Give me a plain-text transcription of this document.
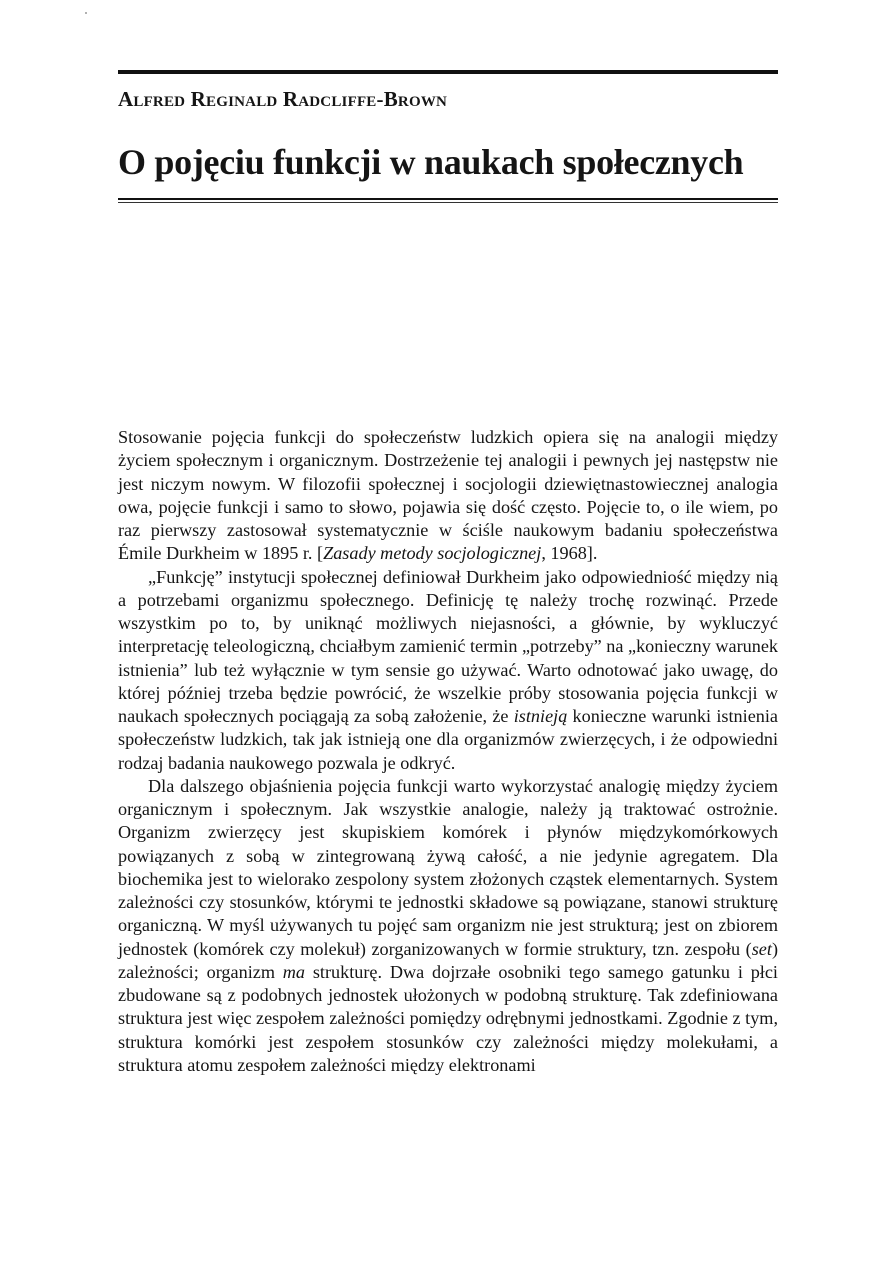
Alfred Reginald Radcliffe-Brown
O pojęciu funkcji w naukach społecznych

Stosowanie pojęcia funkcji do społeczeństw ludzkich opiera się na analogii między życiem społecznym i organicznym. Dostrzeżenie tej analogii i pewnych jej następstw nie jest niczym nowym. W filozofii społecznej i socjologii dziewiętnastowiecznej analogia owa, pojęcie funkcji i samo to słowo, pojawia się dość często. Pojęcie to, o ile wiem, po raz pierwszy zastosował systematycznie w ściśle naukowym badaniu społeczeństwa Émile Durkheim w 1895 r. [Zasady metody socjologicznej, 1968].

„Funkcję” instytucji społecznej definiował Durkheim jako odpowiedniość między nią a potrzebami organizmu społecznego. Definicję tę należy trochę rozwinąć. Przede wszystkim po to, by uniknąć możliwych niejasności, a głównie, by wykluczyć interpretację teleologiczną, chciałbym zamienić termin „potrzeby” na „konieczny warunek istnienia” lub też wyłącznie w tym sensie go używać. Warto odnotować jako uwagę, do której później trzeba będzie powrócić, że wszelkie próby stosowania pojęcia funkcji w naukach społecznych pociągają za sobą założenie, że istnieją konieczne warunki istnienia społeczeństw ludzkich, tak jak istnieją one dla organizmów zwierzęcych, i że odpowiedni rodzaj badania naukowego pozwala je odkryć.

Dla dalszego objaśnienia pojęcia funkcji warto wykorzystać analogię między życiem organicznym i społecznym. Jak wszystkie analogie, należy ją traktować ostrożnie. Organizm zwierzęcy jest skupiskiem komórek i płynów międzykomórkowych powiązanych z sobą w zintegrowaną żywą całość, a nie jedynie agregatem. Dla biochemika jest to wielorako zespolony system złożonych cząstek elementarnych. System zależności czy stosunków, którymi te jednostki składowe są powiązane, stanowi strukturę organiczną. W myśl używanych tu pojęć sam organizm nie jest strukturą; jest on zbiorem jednostek (komórek czy molekuł) zorganizowanych w formie struktury, tzn. zespołu (set) zależności; organizm ma strukturę. Dwa dojrzałe osobniki tego samego gatunku i płci zbudowane są z podobnych jednostek ułożonych w podobną strukturę. Tak zdefiniowana struktura jest więc zespołem zależności pomiędzy odrębnymi jednostkami. Zgodnie z tym, struktura komórki jest zespołem stosunków czy zależności między molekułami, a struktura atomu zespołem zależności między elektronami
